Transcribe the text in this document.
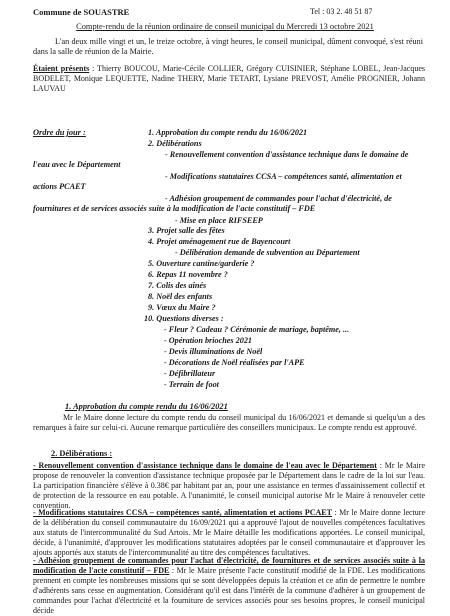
Commune de SOUASTRE	Tel : 03 2. 48 51 87
Compte-rendu de la réunion ordinaire de conseil municipal du Mercredi 13 octobre 2021
L'an deux mille vingt et un, le treize octobre, à vingt heures, le conseil municipal, dûment convoqué, s'est réuni dans la salle de réunion de la Mairie.
Étaient présents : Thierry BOUCOU, Marie-Cécile COLLIER, Grégory CUISINIER, Stéphane LOBEL, Jean-Jacques BODELET, Monique LEQUETTE, Nadine THERY, Marie TETART, Lysiane PREVOST, Amélie PROGNIER, Johann LAUVAU
Ordre du jour :	1. Approbation du compte rendu du 16/06/2021
2. Délibérations
- Renouvellement convention d'assistance technique dans le domaine de l'eau avec le Département
- Modifications statutaires CCSA – compétences santé, alimentation et actions PCAET
- Adhésion groupement de commandes pour l'achat d'électricité, de fournitures et de services associés suite à la modification de l'acte constitutif – FDE
- Mise en place RIFSEEP
3. Projet salle des fêtes
4. Projet aménagement rue de Bayencourt
- Délibération demande de subvention au Département
5. Ouverture cantine/garderie ?
6. Repas 11 novembre ?
7. Colis des aînés
8. Noël des enfants
9. Vœux du Maire ?
10. Questions diverses :
- Fleur ? Cadeau ? Cérémonie de mariage, baptême, ...
- Opération brioches 2021
- Devis illuminations de Noël
- Décorations de Noël réalisées par l'APE
- Défibrillateur
- Terrain de foot
1. Approbation du compte rendu du 16/06/2021
Mr le Maire donne lecture du compte rendu du conseil municipal du 16/06/2021 et demande si quelqu'un a des remarques à faire sur celui-ci. Aucune remarque particulière des conseillers municipaux. Le compte rendu est approuvé.
2. Délibérations :
- Renouvellement convention d'assistance technique dans le domaine de l'eau avec le Département : Mr le Maire propose de renouveler la convention d'assistance technique proposée par le Département dans le cadre de la loi sur l'eau. La participation financière s'élève à 0.38€ par habitant par an, pour une assistance en termes d'assainissement collectif et de protection de la ressource en eau potable. A l'unanimité, le conseil municipal autorise Mr le Maire à renouveler cette convention.
- Modifications statutaires CCSA – compétences santé, alimentation et actions PCAET : Mr le Maire donne lecture de la délibération du conseil communautaire du 16/09/2021 qui a approuvé l'ajout de nouvelles compétences facultatives aux statuts de l'intercommunalité du Sud Artois. Mr le Maire détaille les modifications apportées. Le conseil municipal, décide, à l'unanimité, d'approuver les modifications statutaires adoptées par le conseil communautaire et d'approuver les ajouts apportés aux statuts de l'intercommunalité au titre des compétences facultatives.
- Adhésion groupement de commandes pour l'achat d'électricité, de fournitures et de services associés suite à la modification de l'acte constitutif – FDE : Mr le Maire présente l'acte constitutif modifié de la FDE. Les modifications prennent en compte les nombreuses missions qui se sont développées depuis la création et ce afin de permettre le nombre d'adhérents sans cesse en augmentation. Considérant qu'il est dans l'intérêt de la commune d'adhérer à un groupement de commandes pour l'achat d'électricité et la fourniture de services associés pour ses besoins propres, le conseil municipal décide
